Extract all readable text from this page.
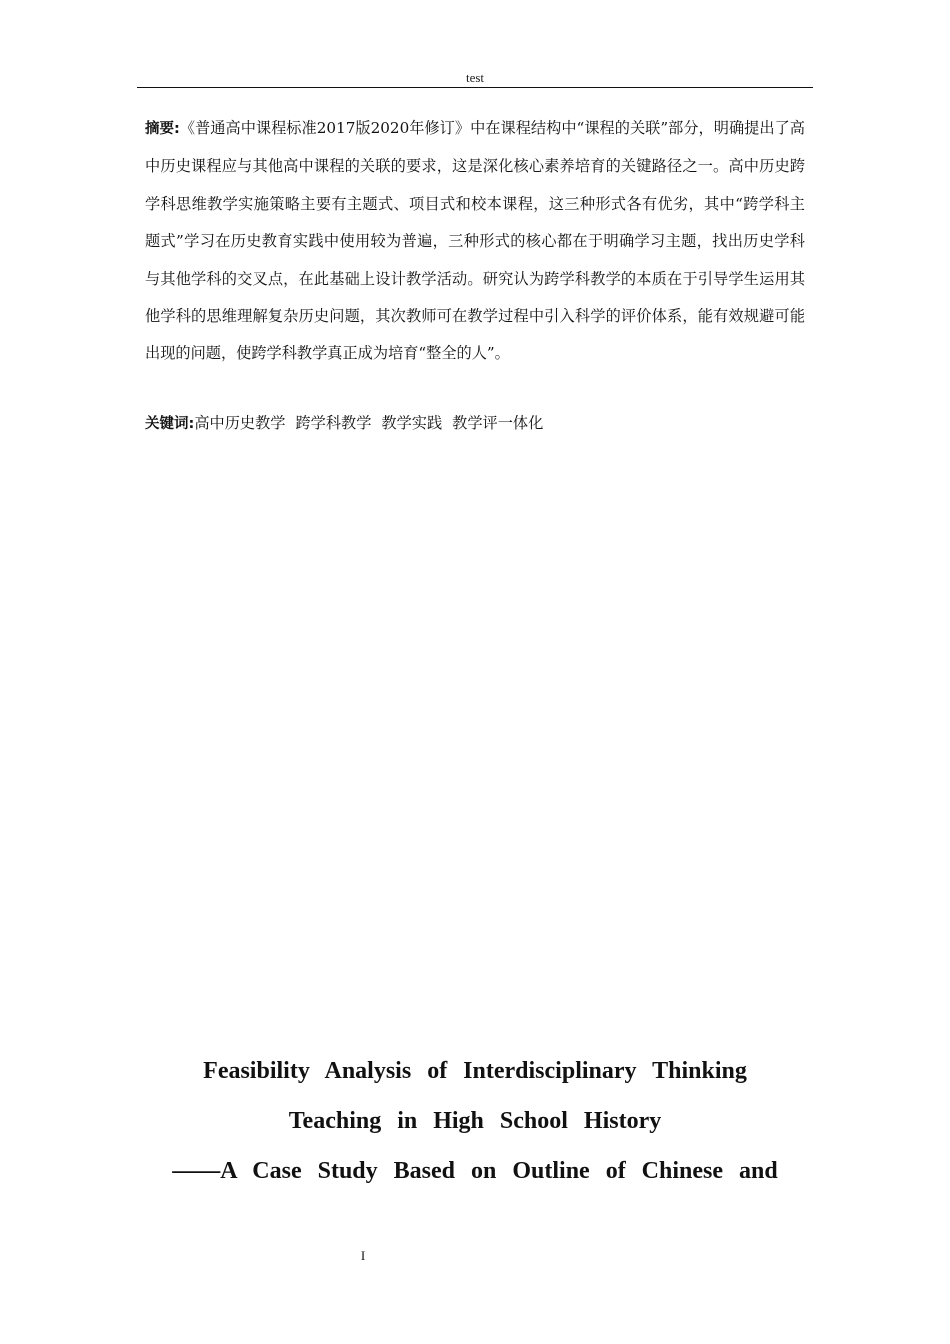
test
摘要:《普通高中课程标准2017版2020年修订》中在课程结构中“课程的关联”部分，明确提出了高中历史课程应与其他高中课程的关联的要求，这是深化核心素养培育的关键路径之一。高中历史跨学科思维教学实施策略主要有主题式、项目式和校本课程，这三种形式各有优劣，其中“跨学科主题式”学习在历史教育实践中使用较为普遍，三种形式的核心都在于明确学习主题，找出历史学科与其他学科的交叉点，在此基础上设计教学活动。研究认为跨学科教学的本质在于引导学生运用其他学科的思维理解复杂历史问题，其次教师可在教学过程中引入科学的评价体系，能有效规避可能出现的问题，使跨学科教学真正成为培育“整全的人”。
关键词:高中历史教学 跨学科教学 教学实践 教学评一体化
Feasibility Analysis of Interdisciplinary Thinking
Teaching in High School History
——A Case Study Based on Outline of Chinese and
I
